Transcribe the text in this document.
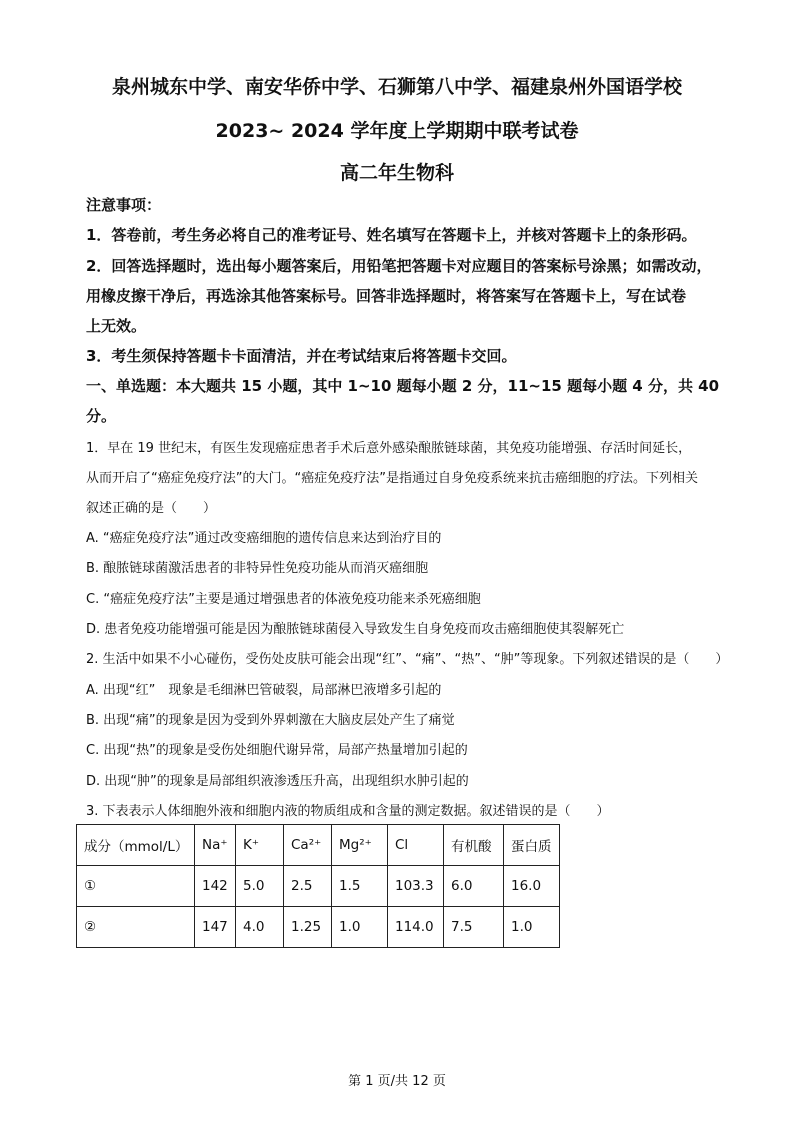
泉州城东中学、南安华侨中学、石狮第八中学、福建泉州外国语学校
2023~ 2024 学年度上学期期中联考试卷
高二年生物科
注意事项：
1．答卷前，考生务必将自己的准考证号、姓名填写在答题卡上，并核对答题卡上的条形码。
2．回答选择题时，选出每小题答案后，用铅笔把答题卡对应题目的答案标号涂黑；如需改动，
用橡皮擦干净后，再选涂其他答案标号。回答非选择题时，将答案写在答题卡上，写在试卷
上无效。
3．考生须保持答题卡卡面清洁，并在考试结束后将答题卡交回。
一、单选题：本大题共 15 小题，其中 1~10 题每小题 2 分，11~15 题每小题 4 分，共 40
分。
1．早在 19 世纪末，有医生发现癌症患者手术后意外感染酿脓链球菌，其免疫功能增强、存活时间延长，
从而开启了“癌症免疫疗法”的大门。“癌症免疫疗法”是指通过自身免疫系统来抗击癌细胞的疗法。下列相关
叙述正确的是（　　）
A. “癌症免疫疗法”通过改变癌细胞的遗传信息来达到治疗目的
B. 酿脓链球菌激活患者的非特异性免疫功能从而消灭癌细胞
C. “癌症免疫疗法”主要是通过增强患者的体液免疫功能来杀死癌细胞
D. 患者免疫功能增强可能是因为酿脓链球菌侵入导致发生自身免疫而攻击癌细胞使其裂解死亡
2. 生活中如果不小心碰伤，受伤处皮肤可能会出现“红”、“痛”、“热”、“肿”等现象。下列叙述错误的是（　　）
A. 出现“红”　现象是毛细淋巴管破裂，局部淋巴液增多引起的
B. 出现“痛”的现象是因为受到外界刺激在大脑皮层处产生了痛觉
C. 出现“热”的现象是受伤处细胞代谢异常，局部产热量增加引起的
D. 出现“肿”的现象是局部组织液渗透压升高，出现组织水肿引起的
3. 下表表示人体细胞外液和细胞内液的物质组成和含量的测定数据。叙述错误的是（　　）
成分（mmol/L）	Na⁺	K⁺	Ca²⁺	Mg²⁺	Cl	有机酸	蛋白质
①	142	5.0	2.5	1.5	103.3	6.0	16.0
②	147	4.0	1.25	1.0	114.0	7.5	1.0
第 1 页/共 12 页
